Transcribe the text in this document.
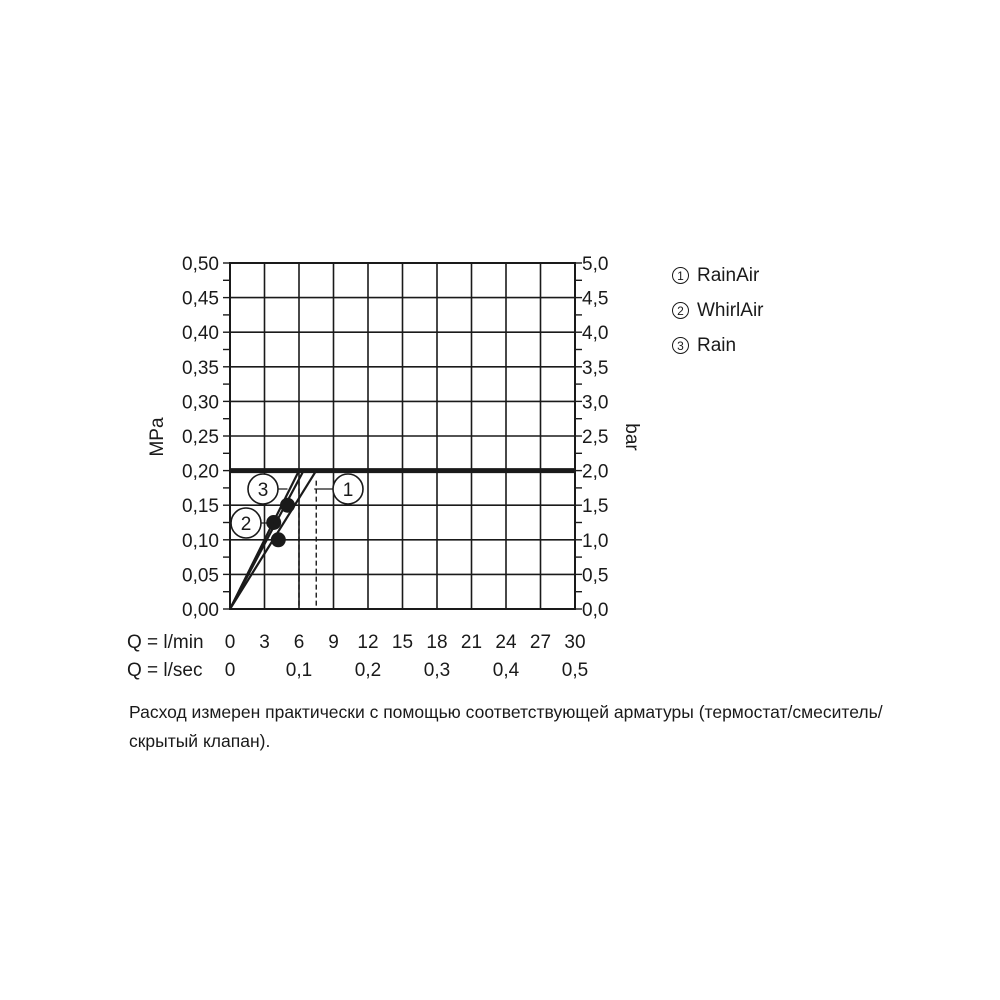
1
3
2
0,00
0,05
0,10
0,15
0,20
0,25
0,30
0,35
0,40
0,45
0,50
0,0
0,5
1,0
1,5
2,0
2,5
3,0
3,5
4,0
4,5
5,0
0 3 6 9 12 15 18 21 24 27 30
0	0,1 0,2 0,3 0,4 0,5
MPa	bar
Q = l/min
Q = l/sec
1 RainAir
2 WhirlAir
3 Rain
Расход измерен практически с помощью соответствующей арматуры (термостат/смеситель/скрытый клапан).
